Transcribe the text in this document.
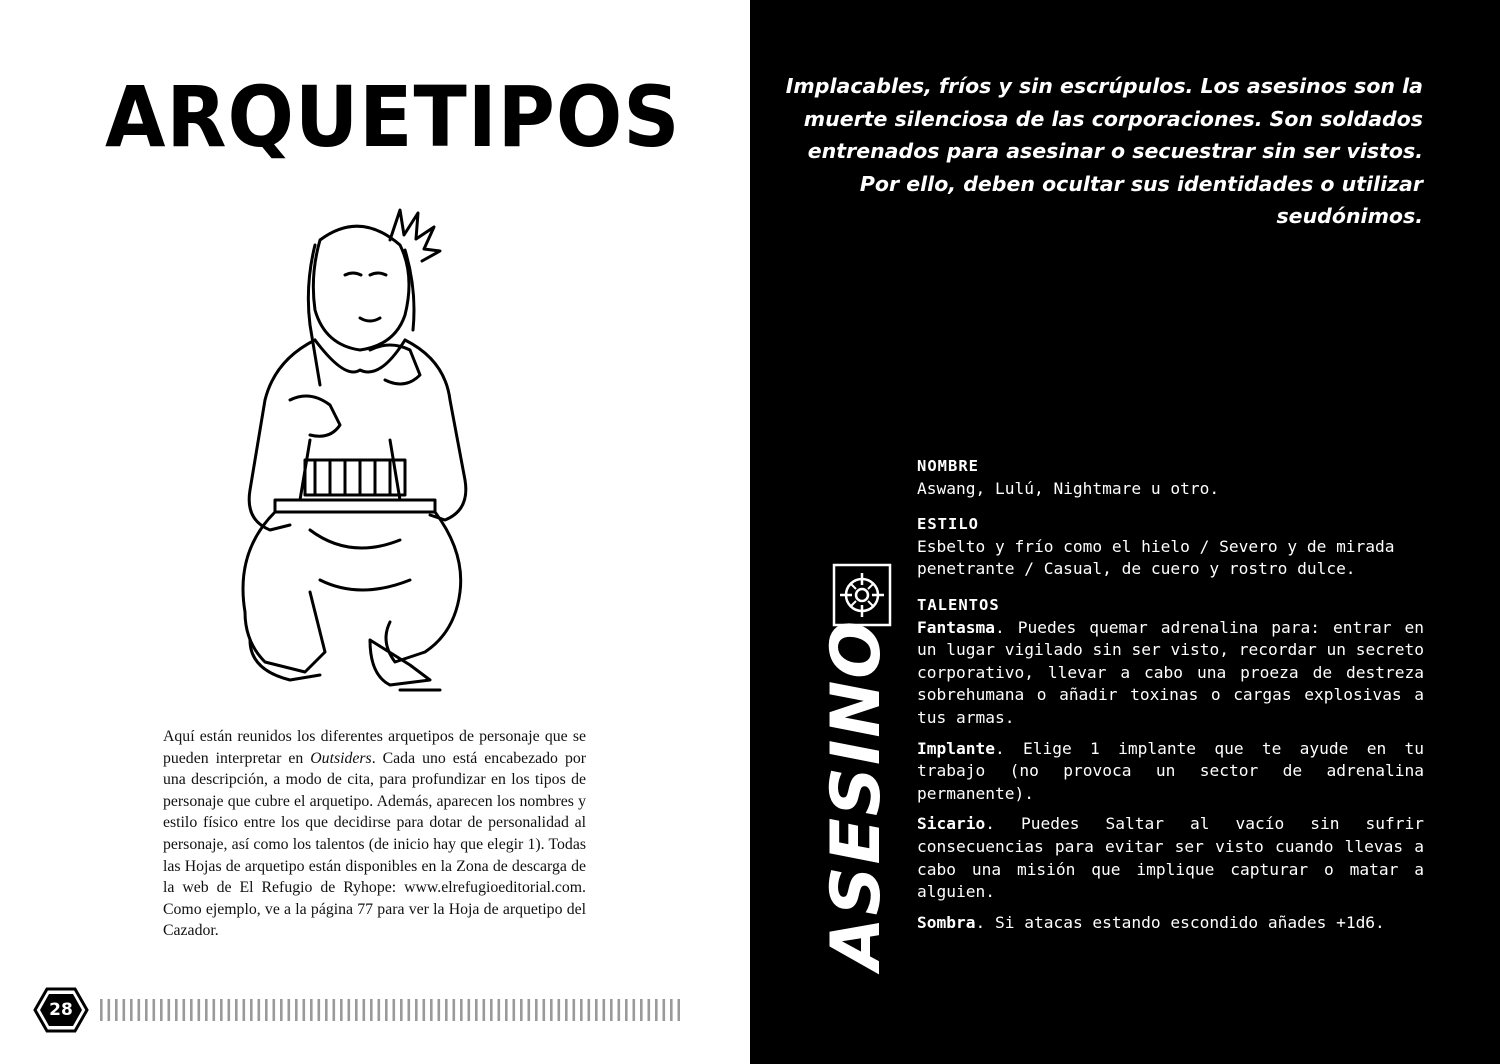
ARQUETIPOS
Aquí están reunidos los diferentes arquetipos de personaje que se pueden interpretar en Outsiders. Cada uno está encabezado por una descripción, a modo de cita, para profundizar en los tipos de personaje que cubre el arquetipo. Además, aparecen los nombres y estilo físico entre los que decidirse para dotar de personalidad al personaje, así como los talentos (de inicio hay que elegir 1). Todas las Hojas de arquetipo están disponibles en la Zona de descarga de la web de El Refugio de Ryhope: www.elrefugioeditorial.com. Como ejemplo, ve a la página 77 para ver la Hoja de arquetipo del Cazador.
28
Implacables, fríos y sin escrúpulos. Los asesinos son la muerte silenciosa de las corporaciones. Son soldados entrenados para asesinar o secuestrar sin ser vistos. Por ello, deben ocultar sus identidades o utilizar seudónimos.
ASESINO
NOMBRE
Aswang, Lulú, Nightmare u otro.
ESTILO
Esbelto y frío como el hielo / Severo y de mirada penetrante / Casual, de cuero y rostro dulce.
TALENTOS
Fantasma. Puedes quemar adrenalina para: entrar en un lugar vigilado sin ser visto, recordar un secreto corporativo, llevar a cabo una proeza de destreza sobrehumana o añadir toxinas o cargas explosivas a tus armas.
Implante. Elige 1 implante que te ayude en tu trabajo (no provoca un sector de adrenalina permanente).
Sicario. Puedes Saltar al vacío sin sufrir consecuencias para evitar ser visto cuando llevas a cabo una misión que implique capturar o matar a alguien.
Sombra. Si atacas estando escondido añades +1d6.
